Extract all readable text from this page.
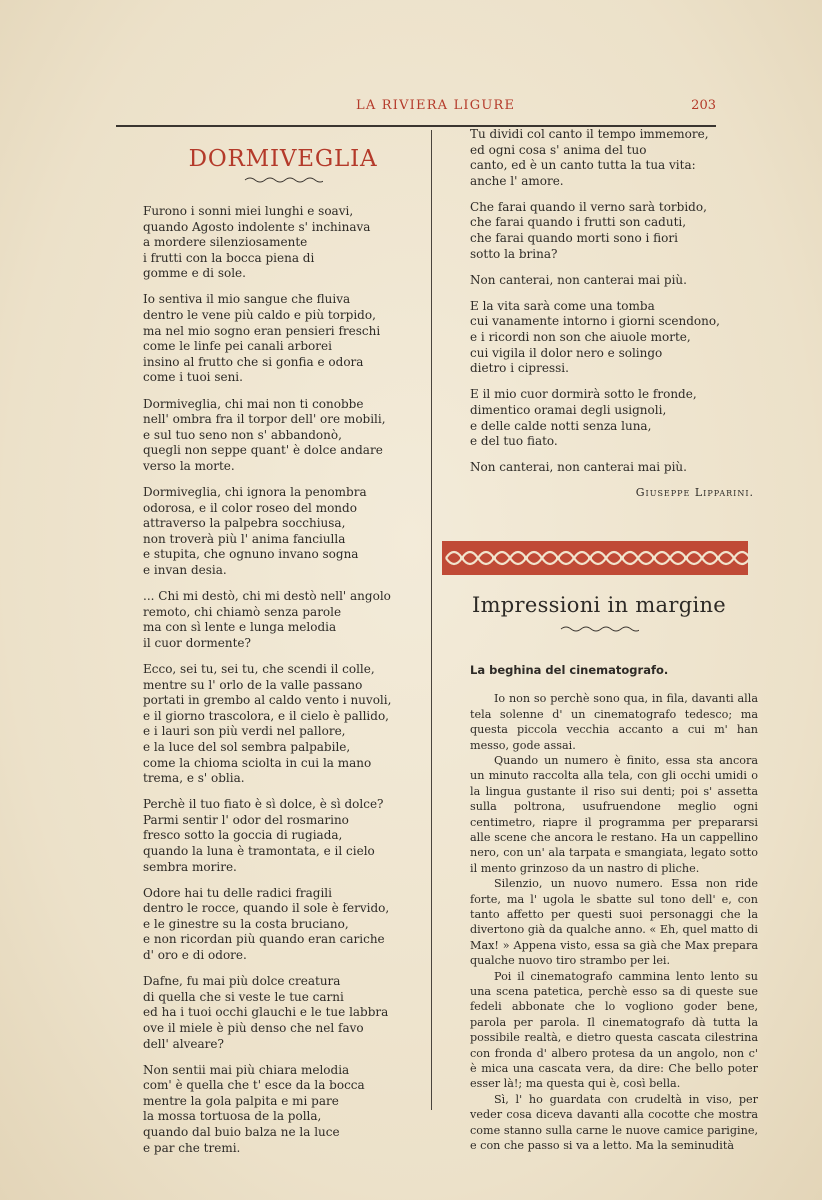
LA RIVIERA LIGURE	203
DORMIVEGLIA
Furono i sonni miei lunghi e soavi,
quando Agosto indolente s' inchinava
a mordere silenziosamente
i frutti con la bocca piena di
gomme e di sole.
Io sentiva il mio sangue che fluiva
dentro le vene più caldo e più torpido,
ma nel mio sogno eran pensieri freschi
come le linfe pei canali arborei
insino al frutto che si gonfia e odora
come i tuoi seni.
Dormiveglia, chi mai non ti conobbe
nell' ombra fra il torpor dell' ore mobili,
e sul tuo seno non s' abbandonò,
quegli non seppe quant' è dolce andare
verso la morte.
Dormiveglia, chi ignora la penombra
odorosa, e il color roseo del mondo
attraverso la palpebra socchiusa,
non troverà più l' anima fanciulla
e stupita, che ognuno invano sogna
e invan desia.
... Chi mi destò, chi mi destò nell' angolo
remoto, chi chiamò senza parole
ma con sì lente e lunga melodia
il cuor dormente?
Ecco, sei tu, sei tu, che scendi il colle,
mentre su l' orlo de la valle passano
portati in grembo al caldo vento i nuvoli,
e il giorno trascolora, e il cielo è pallido,
e i lauri son più verdi nel pallore,
e la luce del sol sembra palpabile,
come la chioma sciolta in cui la mano
trema, e s' oblia.
Perchè il tuo fiato è sì dolce, è sì dolce?
Parmi sentir l' odor del rosmarino
fresco sotto la goccia di rugiada,
quando la luna è tramontata, e il cielo
sembra morire.
Odore hai tu delle radici fragili
dentro le rocce, quando il sole è fervido,
e le ginestre su la costa bruciano,
e non ricordan più quando eran cariche
d' oro e di odore.
Dafne, fu mai più dolce creatura
di quella che si veste le tue carni
ed ha i tuoi occhi glauchi e le tue labbra
ove il miele è più denso che nel favo
dell' alveare?
Non sentii mai più chiara melodia
com' è quella che t' esce da la bocca
mentre la gola palpita e mi pare
la mossa tortuosa de la polla,
quando dal buio balza ne la luce
e par che tremi.
Tu dividi col canto il tempo immemore,
ed ogni cosa s' anima del tuo
canto, ed è un canto tutta la tua vita:
anche l' amore.
Che farai quando il verno sarà torbido,
che farai quando i frutti son caduti,
che farai quando morti sono i fiori
sotto la brina?
Non canterai, non canterai mai più.
E la vita sarà come una tomba
cui vanamente intorno i giorni scendono,
e i ricordi non son che aiuole morte,
cui vigila il dolor nero e solingo
dietro i cipressi.
E il mio cuor dormirà sotto le fronde,
dimentico oramai degli usignoli,
e delle calde notti senza luna,
e del tuo fiato.
Non canterai, non canterai mai più.
Giuseppe Lipparini.
Impressioni in margine
La beghina del cinematografo.

Io non so perchè sono qua, in fila, davanti alla tela solenne d' un cinematografo tedesco; ma questa piccola vecchia accanto a cui m' han messo, gode assai.

Quando un numero è finito, essa sta ancora un minuto raccolta alla tela, con gli occhi umidi o la lingua gustante il riso sui denti; poi s' assetta sulla poltrona, usufruendone meglio ogni centimetro, riapre il programma per prepararsi alle scene che ancora le restano. Ha un cappellino nero, con un' ala tarpata e smangiata, legato sotto il mento grinzoso da un nastro di pliche.

Silenzio, un nuovo numero. Essa non ride forte, ma l' ugola le sbatte sul tono dell' e, con tanto affetto per questi suoi personaggi che la divertono già da qualche anno. « Eh, quel matto di Max! » Appena visto, essa sa già che Max prepara qualche nuovo tiro strambo per lei.

Poi il cinematografo cammina lento lento su una scena patetica, perchè esso sa di queste sue fedeli abbonate che lo vogliono goder bene, parola per parola. Il cinematografo dà tutta la possibile realtà, e dietro questa cascata cilestrina con fronda d' albero protesa da un angolo, non c' è mica una cascata vera, da dire: Che bello poter esser là!; ma questa qui è, così bella.

Sì, l' ho guardata con crudeltà in viso, per veder cosa diceva davanti alla cocotte che mostra come stanno sulla carne le nuove camice parigine, e con che passo si va a letto. Ma la seminudità
